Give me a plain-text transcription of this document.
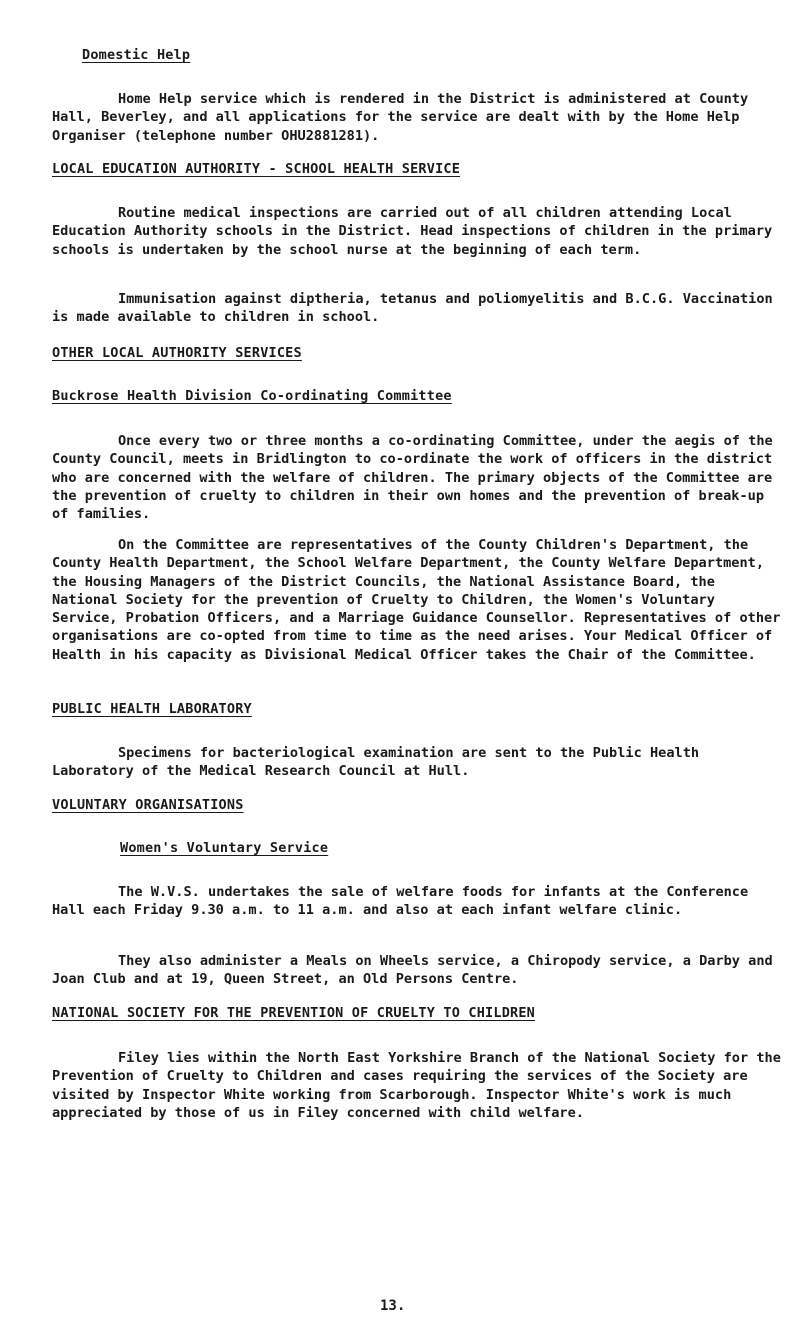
Domestic Help

Home Help service which is rendered in the District is administered at County Hall, Beverley, and all applications for the service are dealt with by the Home Help Organiser (telephone number OHU2881281).

LOCAL EDUCATION AUTHORITY - SCHOOL HEALTH SERVICE

Routine medical inspections are carried out of all children attending Local Education Authority schools in the District. Head inspections of children in the primary schools is undertaken by the school nurse at the beginning of each term.

Immunisation against diptheria, tetanus and poliomyelitis and B.C.G. Vaccination is made available to children in school.

OTHER LOCAL AUTHORITY SERVICES
Buckrose Health Division Co-ordinating Committee

Once every two or three months a co-ordinating Committee, under the aegis of the County Council, meets in Bridlington to co-ordinate the work of officers in the district who are concerned with the welfare of children. The primary objects of the Committee are the prevention of cruelty to children in their own homes and the prevention of break-up of families.

On the Committee are representatives of the County Children's Department, the County Health Department, the School Welfare Department, the County Welfare Department, the Housing Managers of the District Councils, the National Assistance Board, the National Society for the prevention of Cruelty to Children, the Women's Voluntary Service, Probation Officers, and a Marriage Guidance Counsellor. Representatives of other organisations are co-opted from time to time as the need arises. Your Medical Officer of Health in his capacity as Divisional Medical Officer takes the Chair of the Committee.

PUBLIC HEALTH LABORATORY

Specimens for bacteriological examination are sent to the Public Health Laboratory of the Medical Research Council at Hull.

VOLUNTARY ORGANISATIONS
Women's Voluntary Service

The W.V.S. undertakes the sale of welfare foods for infants at the Conference Hall each Friday 9.30 a.m. to 11 a.m. and also at each infant welfare clinic.

They also administer a Meals on Wheels service, a Chiropody service, a Darby and Joan Club and at 19, Queen Street, an Old Persons Centre.

NATIONAL SOCIETY FOR THE PREVENTION OF CRUELTY TO CHILDREN

Filey lies within the North East Yorkshire Branch of the National Society for the Prevention of Cruelty to Children and cases requiring the services of the Society are visited by Inspector White working from Scarborough. Inspector White's work is much appreciated by those of us in Filey concerned with child welfare.

13.
